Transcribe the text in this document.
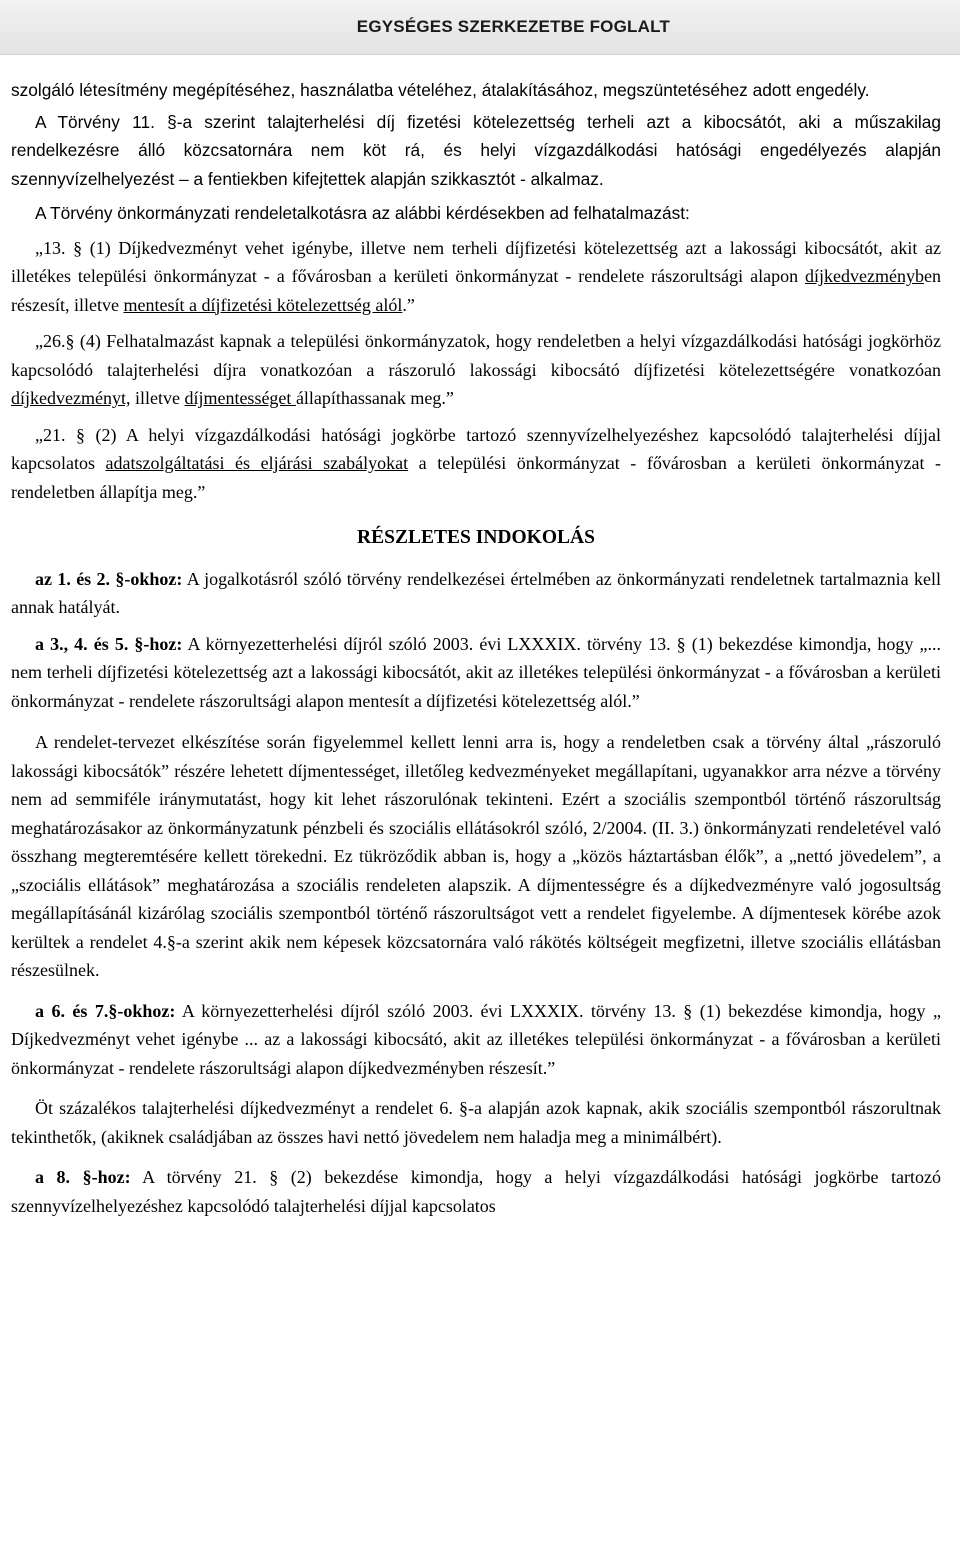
EGYSÉGES SZERKEZETBE FOGLALT

szolgáló létesítmény megépítéséhez, használatba vételéhez, átalakításához, megszüntetéséhez adott engedély.

A Törvény 11. §-a szerint talajterhelési díj fizetési kötelezettség terheli azt a kibocsátót, aki a műszakilag rendelkezésre álló közcsatornára nem köt rá, és helyi vízgazdálkodási hatósági engedélyezés alapján szennyvízelhelyezést – a fentiekben kifejtettek alapján szikkasztót - alkalmaz.

A Törvény önkormányzati rendeletalkotásra az alábbi kérdésekben ad felhatalmazást:

„13. § (1) Díjkedvezményt vehet igénybe, illetve nem terheli díjfizetési kötelezettség azt a lakossági kibocsátót, akit az illetékes települési önkormányzat - a fővárosban a kerületi önkormányzat - rendelete rászorultsági alapon díjkedvezményben részesít, illetve mentesít a díjfizetési kötelezettség alól.”

„26.§ (4) Felhatalmazást kapnak a települési önkormányzatok, hogy rendeletben a helyi vízgazdálkodási hatósági jogkörhöz kapcsolódó talajterhelési díjra vonatkozóan a rászoruló lakossági kibocsátó díjfizetési kötelezettségére vonatkozóan díjkedvezményt, illetve díjmentességet állapíthassanak meg.”

„21. § (2) A helyi vízgazdálkodási hatósági jogkörbe tartozó szennyvízelhelyezéshez kapcsolódó talajterhelési díjjal kapcsolatos adatszolgáltatási és eljárási szabályokat a települési önkormányzat - fővárosban a kerületi önkormányzat - rendeletben állapítja meg.”

RÉSZLETES INDOKOLÁS

az 1. és 2. §-okhoz: A jogalkotásról szóló törvény rendelkezései értelmében az önkormányzati rendeletnek tartalmaznia kell annak hatályát.

a 3., 4. és 5. §-hoz: A környezetterhelési díjról szóló 2003. évi LXXXIX. törvény 13. § (1) bekezdése kimondja, hogy „... nem terheli díjfizetési kötelezettség azt a lakossági kibocsátót, akit az illetékes települési önkormányzat - a fővárosban a kerületi önkormányzat - rendelete rászorultsági alapon mentesít a díjfizetési kötelezettség alól.”

A rendelet-tervezet elkészítése során figyelemmel kellett lenni arra is, hogy a rendeletben csak a törvény által „rászoruló lakossági kibocsátók” részére lehetett díjmentességet, illetőleg kedvezményeket megállapítani, ugyanakkor arra nézve a törvény nem ad semmiféle iránymutatást, hogy kit lehet rászorulónak tekinteni. Ezért a szociális szempontból történő rászorultság meghatározásakor az önkormányzatunk pénzbeli és szociális ellátásokról szóló, 2/2004. (II. 3.) önkormányzati rendeletével való összhang megteremtésére kellett törekedni. Ez tükröződik abban is, hogy a „közös háztartásban élők”, a „nettó jövedelem”, a „szociális ellátások” meghatározása a szociális rendeleten alapszik. A díjmentességre és a díjkedvezményre való jogosultság megállapításánál kizárólag szociális szempontból történő rászorultságot vett a rendelet figyelembe. A díjmentesek körébe azok kerültek a rendelet 4.§-a szerint akik nem képesek közcsatornára való rákötés költségeit megfizetni, illetve szociális ellátásban részesülnek.

a 6. és 7.§-okhoz: A környezetterhelési díjról szóló 2003. évi LXXXIX. törvény 13. § (1) bekezdése kimondja, hogy „ Díjkedvezményt vehet igénybe ... az a lakossági kibocsátó, akit az illetékes települési önkormányzat - a fővárosban a kerületi önkormányzat - rendelete rászorultsági alapon díjkedvezményben részesít.”

Öt százalékos talajterhelési díjkedvezményt a rendelet 6. §-a alapján azok kapnak, akik szociális szempontból rászorultnak tekinthetők, (akiknek családjában az összes havi nettó jövedelem nem haladja meg a minimálbért).

a 8. §-hoz: A törvény 21. § (2) bekezdése kimondja, hogy a helyi vízgazdálkodási hatósági jogkörbe tartozó szennyvízelhelyezéshez kapcsolódó talajterhelési díjjal kapcsolatos
